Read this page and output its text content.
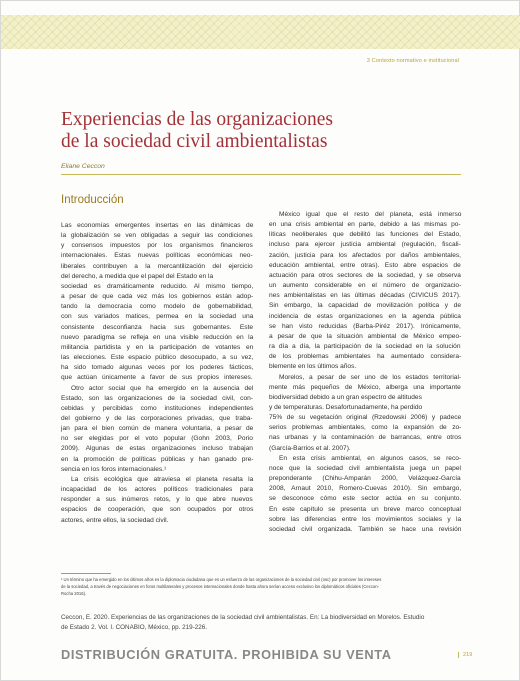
3 Contexto normativo e institucional
Experiencias de las organizaciones
de la sociedad civil ambientalistas
Eliane Ceccon
Introducción
Las economías emergentes insertas en las dinámicas de
la globalización se ven obligadas a seguir las condiciones
y consensos impuestos por los organismos financieros
internacionales. Estas nuevas políticas económicas neo-
liberales contribuyen a la mercantilización del ejercicio
del derecho, a medida que el papel del Estado en la
sociedad es dramáticamente reducido. Al mismo tiempo,
a pesar de que cada vez más los gobiernos están adop-
tando la democracia como modelo de gobernabilidad,
con sus variados matices, permea en la sociedad una
consistente desconfianza hacia sus gobernantes. Este
nuevo paradigma se refleja en una visible reducción en la
militancia partidista y en la participación de votantes en
las elecciones. Este espacio público desocupado, a su vez,
ha sido tomado algunas veces por los poderes fácticos,
que actúan únicamente a favor de sus propios intereses.
Otro actor social que ha emergido en la ausencia del
Estado, son las organizaciones de la sociedad civil, con-
cebidas y percibidas como instituciones independientes
del gobierno y de las corporaciones privadas, que traba-
jan para el bien común de manera voluntaria, a pesar de
no ser elegidas por el voto popular (Gohn 2003, Porio
2009). Algunas de estas organizaciones incluso trabajan
en la promoción de políticas públicas y han ganado pre-
sencia en los foros internacionales.¹
La crisis ecológica que atraviesa el planeta resalta la
incapacidad de los actores políticos tradicionales para
responder a sus inúmeros retos, y lo que abre nuevos
espacios de cooperación, que son ocupados por otros
actores, entre ellos, la sociedad civil.
México igual que el resto del planeta, está inmerso
en una crisis ambiental en parte, debido a las mismas po-
líticas neoliberales que debilitó las funciones del Estado,
incluso para ejercer justicia ambiental (regulación, fiscali-
zación, justicia para los afectados por daños ambientales,
educación ambiental, entre otras). Esto abre espacios de
actuación para otros sectores de la sociedad, y se observa
un aumento considerable en el número de organizacio-
nes ambientalistas en las últimas décadas (CIVICUS 2017).
Sin embargo, la capacidad de movilización política y de
incidencia de estas organizaciones en la agenda pública
se han visto reducidas (Barba-Piréz 2017). Irónicamente,
a pesar de que la situación ambiental de México empeo-
ra día a día, la participación de la sociedad en la solución
de los problemas ambientales ha aumentado considera-
blemente en los últimos años.
Morelos, a pesar de ser uno de los estados territorial-
mente más pequeños de México, alberga una importante
biodiversidad debido a un gran espectro de altitudes
y de temperaturas. Desafortunadamente, ha perdido
75% de su vegetación original (Rzedowski 2006) y padece
serios problemas ambientales, como la expansión de zo-
nas urbanas y la contaminación de barrancas, entre otros
(García-Barrios et al. 2007).
En esta crisis ambiental, en algunos casos, se reco-
noce que la sociedad civil ambientalista juega un papel
preponderante (Chihu-Amparán 2000, Velázquez-García
2008, Arnaut 2010, Romero-Cuevas 2010). Sin embargo,
se desconoce cómo este sector actúa en su conjunto.
En este capítulo se presenta un breve marco conceptual
sobre las diferencias entre los movimientos sociales y la
sociedad civil organizada. También se hace una revisión
¹ Un término que ha emergido en los últimos años es la diplomacia ciudadana que es un esfuerzo de las organizaciones de la sociedad civil (osc) por promover los intereses
de la sociedad, a través de negociaciones en foros multilaterales y procesos internacionales donde hasta ahora serían acceso exclusivo los diplomáticos oficiales (Ceccon-
Rocha 2016).
Ceccon, E. 2020. Experiencias de las organizaciones de la sociedad civil ambientalistas. En: La biodiversidad en Morelos. Estudio
de Estado 2. Vol. I. CONABIO, México, pp. 219-226.
DISTRIBUCIÓN GRATUITA. PROHIBIDA SU VENTA	219
